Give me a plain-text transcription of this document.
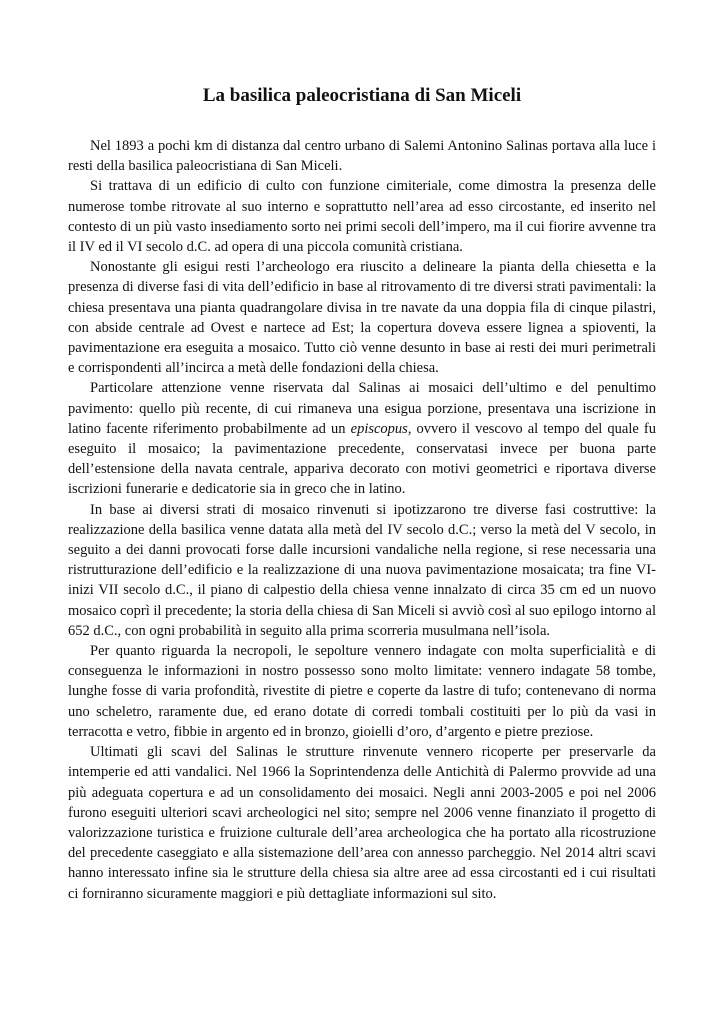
La basilica paleocristiana di San Miceli

Nel 1893 a pochi km di distanza dal centro urbano di Salemi Antonino Salinas portava alla luce i resti della basilica paleocristiana di San Miceli.

Si trattava di un edificio di culto con funzione cimiteriale, come dimostra la presenza delle numerose tombe ritrovate al suo interno e soprattutto nell’area ad esso circostante, ed inserito nel contesto di un più vasto insediamento sorto nei primi secoli dell’impero, ma il cui fiorire avvenne tra il IV ed il VI secolo d.C. ad opera di una piccola comunità cristiana.

Nonostante gli esigui resti l’archeologo era riuscito a delineare la pianta della chiesetta e la presenza di diverse fasi di vita dell’edificio in base al ritrovamento di tre diversi strati pavimentali: la chiesa presentava una pianta quadrangolare divisa in tre navate da una doppia fila di cinque pilastri, con abside centrale ad Ovest e nartece ad Est; la copertura doveva essere lignea a spioventi, la pavimentazione era eseguita a mosaico. Tutto ciò venne desunto in base ai resti dei muri perimetrali e corrispondenti all’incirca a metà delle fondazioni della chiesa.

Particolare attenzione venne riservata dal Salinas ai mosaici dell’ultimo e del penultimo pavimento: quello più recente, di cui rimaneva una esigua porzione, presentava una iscrizione in latino facente riferimento probabilmente ad un episcopus, ovvero il vescovo al tempo del quale fu eseguito il mosaico; la pavimentazione precedente, conservatasi invece per buona parte dell’estensione della navata centrale, appariva decorato con motivi geometrici e riportava diverse iscrizioni funerarie e dedicatorie sia in greco che in latino.

In base ai diversi strati di mosaico rinvenuti si ipotizzarono tre diverse fasi costruttive: la realizzazione della basilica venne datata alla metà del IV secolo d.C.; verso la metà del V secolo, in seguito a dei danni provocati forse dalle incursioni vandaliche nella regione, si rese necessaria una ristrutturazione dell’edificio e la realizzazione di una nuova pavimentazione mosaicata; tra fine VI-inizi VII secolo d.C., il piano di calpestio della chiesa venne innalzato di circa 35 cm ed un nuovo mosaico coprì il precedente; la storia della chiesa di San Miceli si avviò così al suo epilogo intorno al 652 d.C., con ogni probabilità in seguito alla prima scorreria musulmana nell’isola.

Per quanto riguarda la necropoli, le sepolture vennero indagate con molta superficialità e di conseguenza le informazioni in nostro possesso sono molto limitate: vennero indagate 58 tombe, lunghe fosse di varia profondità, rivestite di pietre e coperte da lastre di tufo; contenevano di norma uno scheletro, raramente due, ed erano dotate di corredi tombali costituiti per lo più da vasi in terracotta e vetro, fibbie in argento ed in bronzo, gioielli d’oro, d’argento e pietre preziose.

Ultimati gli scavi del Salinas le strutture rinvenute vennero ricoperte per preservarle da intemperie ed atti vandalici. Nel 1966 la Soprintendenza delle Antichità di Palermo provvide ad una più adeguata copertura e ad un consolidamento dei mosaici. Negli anni 2003-2005 e poi nel 2006 furono eseguiti ulteriori scavi archeologici nel sito; sempre nel 2006 venne finanziato il progetto di valorizzazione turistica e fruizione culturale dell’area archeologica che ha portato alla ricostruzione del precedente caseggiato e alla sistemazione dell’area con annesso parcheggio. Nel 2014 altri scavi hanno interessato infine sia le strutture della chiesa sia altre aree ad essa circostanti ed i cui risultati ci forniranno sicuramente maggiori e più dettagliate informazioni sul sito.
